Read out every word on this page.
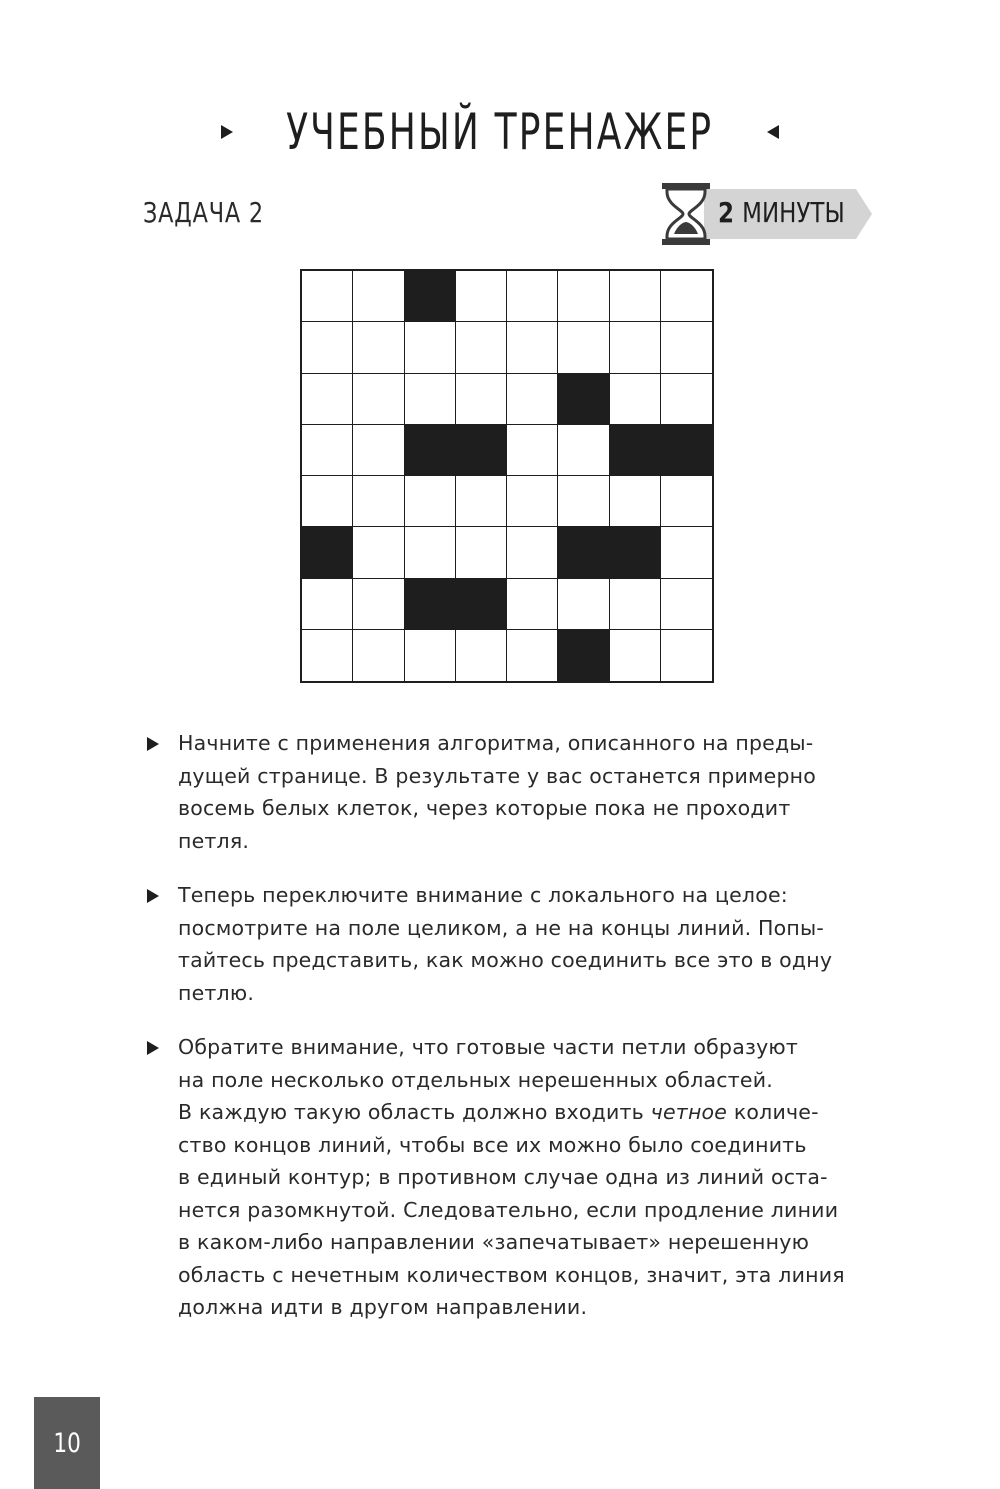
УЧЕБНЫЙ ТРЕНАЖЕР
ЗАДАЧА 2	2 МИНУТЫ
Начните с применения алгоритма, описанного на преды-
дущей странице. В результате у вас останется примерно
восемь белых клеток, через которые пока не проходит
петля.
Теперь переключите внимание с локального на целое:
посмотрите на поле целиком, а не на концы линий. Попы-
тайтесь представить, как можно соединить все это в одну
петлю.
Обратите внимание, что готовые части петли образуют
на поле несколько отдельных нерешенных областей.
В каждую такую область должно входить четное количе-
ство концов линий, чтобы все их можно было соединить
в единый контур; в противном случае одна из линий оста-
нется разомкнутой. Следовательно, если продление линии
в каком-либо направлении «запечатывает» нерешенную
область с нечетным количеством концов, значит, эта линия
должна идти в другом направлении.
10
